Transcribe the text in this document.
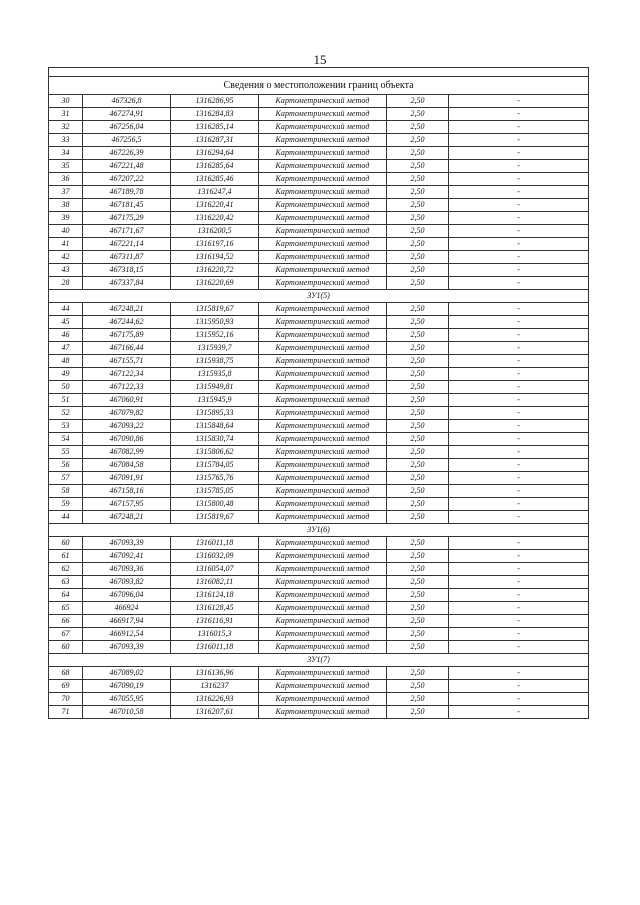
15

Сведения о местоположении границ объекта					
30	467326,8	1316286,95	Картометрический метод	2,50	-
31	467274,91	1316284,83	Картометрический метод	2,50	-
32	467256,04	1316285,14	Картометрический метод	2,50	-
33	467256,5	1316287,31	Картометрический метод	2,50	-
34	467226,39	1316294,64	Картометрический метод	2,50	-
35	467221,48	1316285,64	Картометрический метод	2,50	-
36	467207,22	1316285,46	Картометрический метод	2,50	-
37	467189,78	1316247,4	Картометрический метод	2,50	-
38	467181,45	1316220,41	Картометрический метод	2,50	-
39	467175,29	1316220,42	Картометрический метод	2,50	-
40	467171,67	1316200,5	Картометрический метод	2,50	-
41	467221,14	1316197,16	Картометрический метод	2,50	-
42	467311,87	1316194,52	Картометрический метод	2,50	-
43	467318,15	1316220,72	Картометрический метод	2,50	-
28	467337,84	1316220,69	Картометрический метод	2,50	-
ЗУ1(5)					
44	467248,21	1315819,67	Картометрический метод	2,50	-
45	467244,62	1315950,93	Картометрический метод	2,50	-
46	467175,89	1315952,16	Картометрический метод	2,50	-
47	467166,44	1315939,7	Картометрический метод	2,50	-
48	467155,71	1315938,75	Картометрический метод	2,50	-
49	467122,34	1315935,8	Картометрический метод	2,50	-
50	467122,33	1315949,81	Картометрический метод	2,50	-
51	467060,91	1315945,9	Картометрический метод	2,50	-
52	467079,82	1315895,33	Картометрический метод	2,50	-
53	467093,22	1315848,64	Картометрический метод	2,50	-
54	467090,86	1315830,74	Картометрический метод	2,50	-
55	467082,99	1315806,62	Картометрический метод	2,50	-
56	467084,58	1315784,05	Картометрический метод	2,50	-
57	467091,91	1315765,76	Картометрический метод	2,50	-
58	467158,16	1315785,05	Картометрический метод	2,50	-
59	467157,95	1315800,48	Картометрический метод	2,50	-
44	467248,21	1315819,67	Картометрический метод	2,50	-
ЗУ1(6)					
60	467093,39	1316011,18	Картометрический метод	2,50	-
61	467092,41	1316032,09	Картометрический метод	2,50	-
62	467093,36	1316054,07	Картометрический метод	2,50	-
63	467093,82	1316082,11	Картометрический метод	2,50	-
64	467096,04	1316124,18	Картометрический метод	2,50	-
65	466924	1316128,45	Картометрический метод	2,50	-
66	466917,94	1316116,91	Картометрический метод	2,50	-
67	466912,54	1316015,3	Картометрический метод	2,50	-
60	467093,39	1316011,18	Картометрический метод	2,50	-
ЗУ1(7)					
68	467089,02	1316136,96	Картометрический метод	2,50	-
69	467090,19	1316237	Картометрический метод	2,50	-
70	467055,95	1316226,93	Картометрический метод	2,50	-
71	467010,58	1316207,61	Картометрический метод	2,50	-
